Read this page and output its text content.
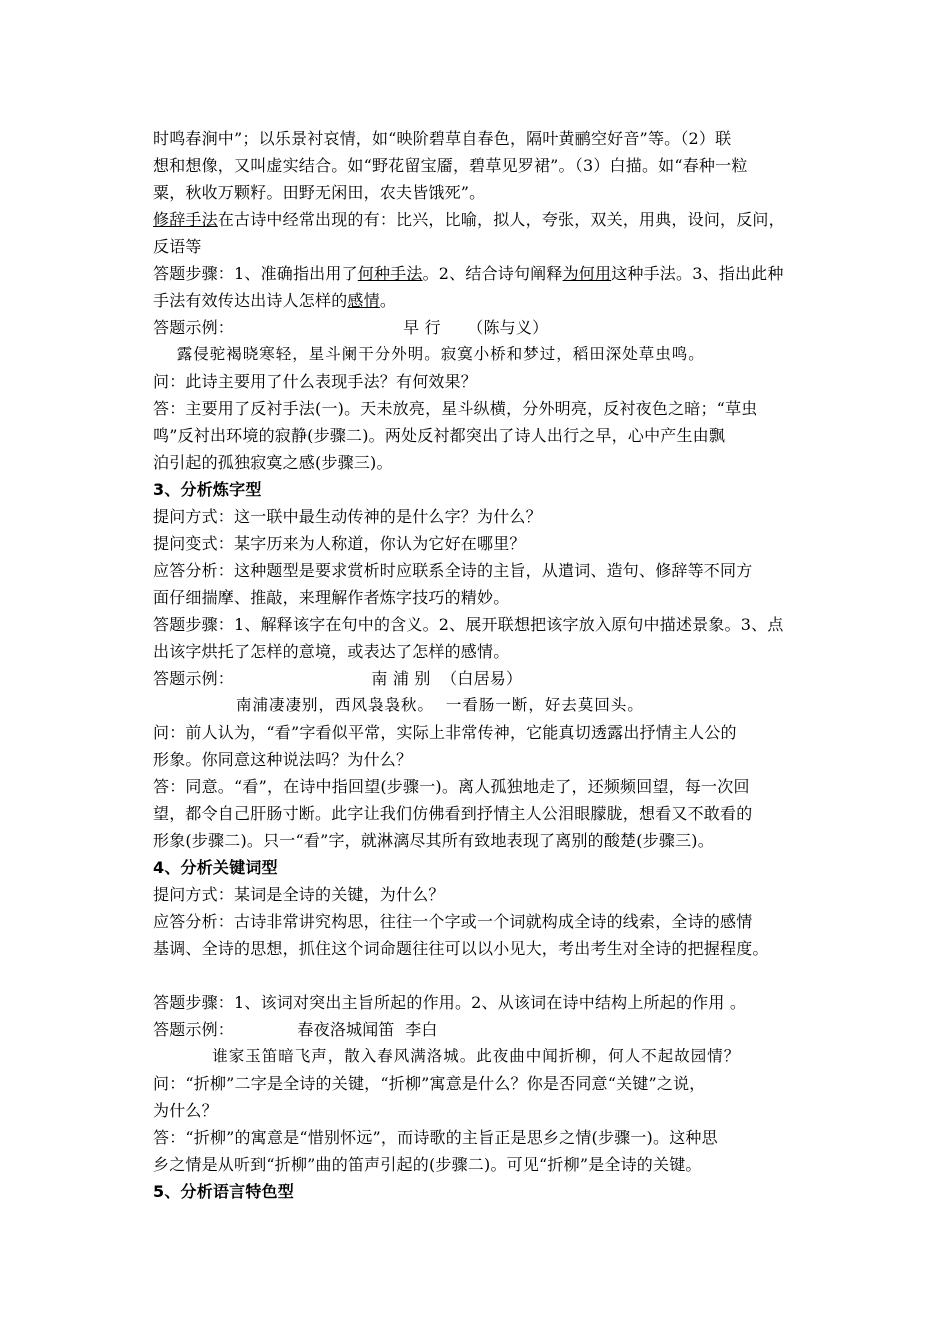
时鸣春涧中”；以乐景衬哀情，如“映阶碧草自春色，隔叶黄鹂空好音”等。（2）联
想和想像，又叫虚实结合。如“野花留宝靥，碧草见罗裙”。（3）白描。如“春种一粒
粟，秋收万颗籽。田野无闲田，农夫皆饿死”。
修辞手法在古诗中经常出现的有：比兴，比喻，拟人，夸张，双关，用典，设问，反问，
反语等
答题步骤：1、准确指出用了何种手法。2、结合诗句阐释为何用这种手法。3、指出此种
手法有效传达出诗人怎样的感情。
答题示例：                                早 行     （陈与义）
露侵驼褐晓寒轻，星斗阑干分外明。寂寞小桥和梦过，稻田深处草虫鸣。
问：此诗主要用了什么表现手法？有何效果？
答：主要用了反衬手法(一)。天未放亮，星斗纵横，分外明亮，反衬夜色之暗；“草虫
鸣”反衬出环境的寂静(步骤二)。两处反衬都突出了诗人出行之早，心中产生由飘
泊引起的孤独寂寞之感(步骤三)。
3、分析炼字型
提问方式：这一联中最生动传神的是什么字？为什么？
提问变式：某字历来为人称道，你认为它好在哪里？
应答分析：这种题型是要求赏析时应联系全诗的主旨，从遣词、造句、修辞等不同方
面仔细揣摩、推敲，来理解作者炼字技巧的精妙。
答题步骤：1、解释该字在句中的含义。2、展开联想把该字放入原句中描述景象。3、点
出该字烘托了怎样的意境，或表达了怎样的感情。
答题示例：                          南 浦 别  （白居易）
南浦凄凄别，西风袅袅秋。  一看肠一断，好去莫回头。
问：前人认为，“看”字看似平常，实际上非常传神，它能真切透露出抒情主人公的
形象。你同意这种说法吗？为什么？
答：同意。“看”，在诗中指回望(步骤一)。离人孤独地走了，还频频回望，每一次回
望，都令自己肝肠寸断。此字让我们仿佛看到抒情主人公泪眼朦胧，想看又不敢看的
形象(步骤二)。只一“看”字，就淋漓尽其所有致地表现了离别的酸楚(步骤三)。
4、分析关键词型
提问方式：某词是全诗的关键，为什么？
应答分析：古诗非常讲究构思，往往一个字或一个词就构成全诗的线索，全诗的感情
基调、全诗的思想，抓住这个词命题往往可以以小见大，考出考生对全诗的把握程度。
答题步骤：1、该词对突出主旨所起的作用。2、从该词在诗中结构上所起的作用 。
答题示例：            春夜洛城闻笛  李白
谁家玉笛暗飞声，散入春风满洛城。此夜曲中闻折柳，何人不起故园情？
问：“折柳”二字是全诗的关键，“折柳”寓意是什么？你是否同意“关键”之说，
为什么？
答：“折柳”的寓意是“惜别怀远”，而诗歌的主旨正是思乡之情(步骤一)。这种思
乡之情是从听到“折柳”曲的笛声引起的(步骤二)。可见“折柳”是全诗的关键。
5、分析语言特色型
